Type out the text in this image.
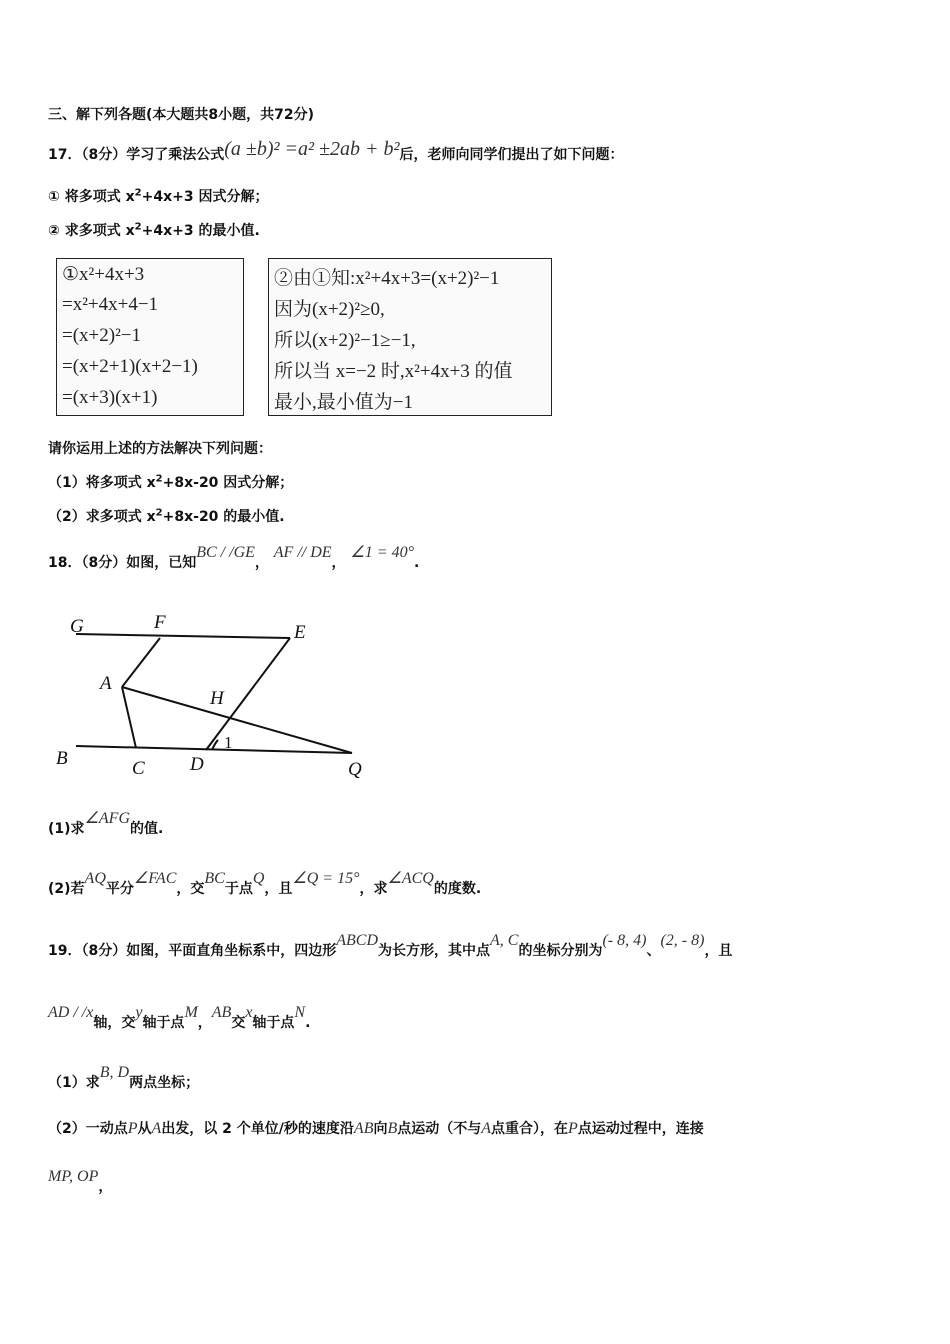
三、解下列各题(本大题共8小题，共72分)
17．（8分）学习了乘法公式(a ±b)² =a² ±2ab + b²后，老师向同学们提出了如下问题：
① 将多项式 $x^2+4x+3$ 因式分解；
② 求多项式 $x^2+4x+3$ 的最小值.
①x²+4x+3
=x²+4x+4−1
=(x+2)²−1
=(x+2+1)(x+2−1)
=(x+3)(x+1)
②由①知:x²+4x+3=(x+2)²−1
因为(x+2)²≥0,
所以(x+2)²−1≥−1,
所以当 x=−2 时,x²+4x+3 的值
最小,最小值为−1
请你运用上述的方法解决下列问题：
（1）将多项式 $x^2+8x-20$ 因式分解；
（2）求多项式 $x^2+8x-20$ 的最小值.
18．（8分）如图，已知BC / /GE， AF // DE， ∠1 = 40°.
G	F	E
A
H
B	C D
1
Q
(1)求∠AFG的值.
(2)若AQ平分∠FAC，交BC于点Q，且∠Q = 15°，求∠ACQ的度数.
19．（8分）如图，平面直角坐标系中，四边形ABCD为长方形，其中点A, C的坐标分别为(- 8, 4)、(2, - 8)，且
AD / /x轴，交y轴于点M，AB交x轴于点N.
（1）求B, D两点坐标；
（2）一动点P从A出发，以 2 个单位/秒的速度沿AB向B点运动（不与A点重合），在P点运动过程中，连接
MP, OP，
